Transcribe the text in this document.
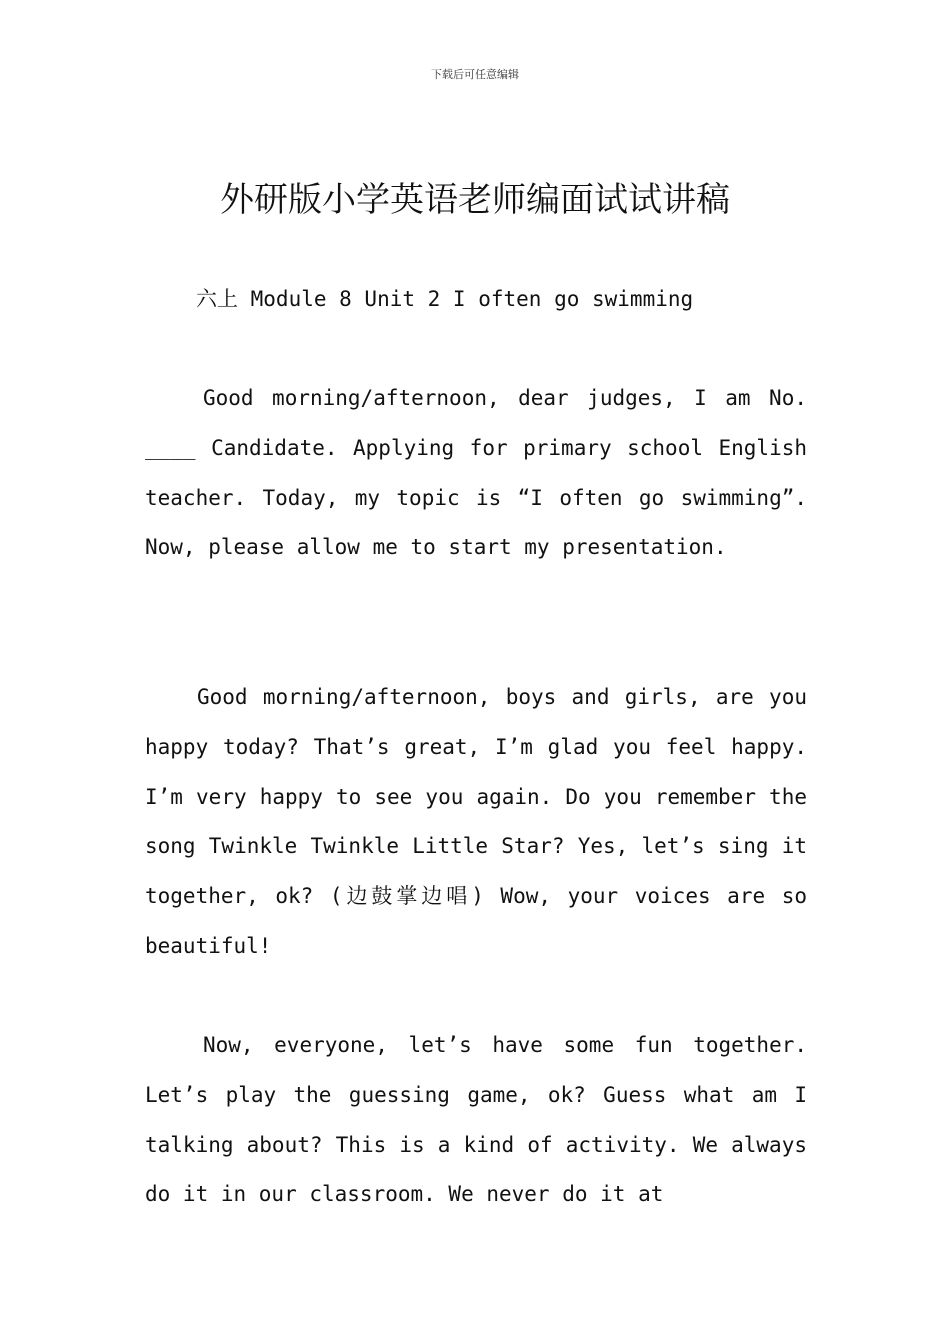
下载后可任意编辑
外研版小学英语老师编面试试讲稿
六上 Module 8 Unit 2 I often go swimming

Good morning/afternoon, dear judges, I am No. ____ Candidate. Applying for primary school English teacher. Today, my topic is “I often go swimming”. Now, please allow me to start my presentation.

Good morning/afternoon, boys and girls, are you happy today? That’s great, I’m glad you feel happy. I’m very happy to see you again. Do you remember the song Twinkle Twinkle Little Star? Yes, let’s sing it together, ok? (边鼓掌边唱) Wow, your voices are so beautiful!

Now, everyone, let’s have some fun together. Let’s play the guessing game, ok? Guess what am I talking about? This is a kind of activity. We always do it in our classroom. We never do it at
